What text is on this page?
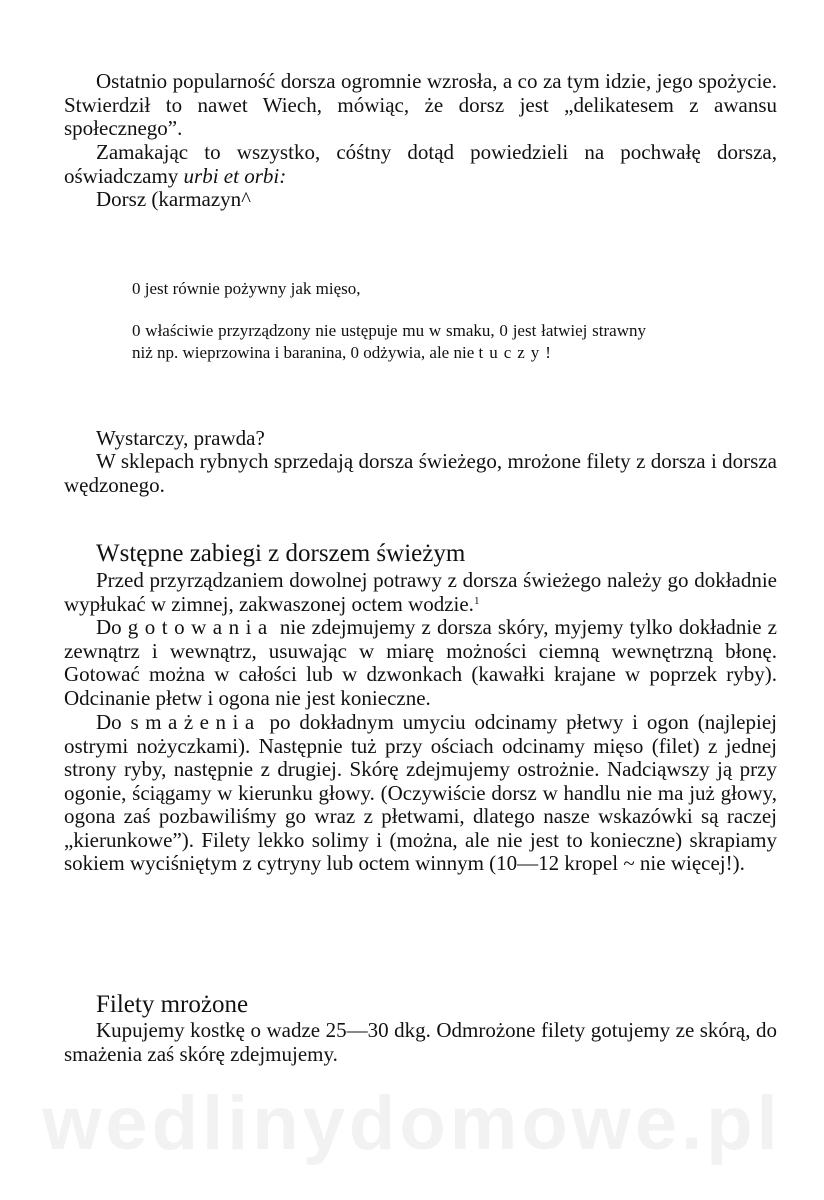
Ostatnio popularność dorsza ogromnie wzrosła, a co za tym idzie, jego spożycie. Stwierdził to nawet Wiech, mówiąc, że dorsz jest „delikatesem z awansu społecznego”.

Zamakając to wszystko, cóśtny dotąd powiedzieli na pochwałę dorsza, oświadczamy urbi et orbi:

Dorsz (karmazyn^

0 jest równie pożywny jak mięso,

0 właściwie przyrządzony nie ustępuje mu w smaku, 0 jest łatwiej strawny niż np. wieprzowina i baranina, 0 odżywia, ale nie tuczy!

Wystarczy, prawda?

W sklepach rybnych sprzedają dorsza świeżego, mrożone filety z dorsza i dorsza wędzonego.

Wstępne zabiegi z dorszem świeżym

Przed przyrządzaniem dowolnej potrawy z dorsza świeżego należy go dokładnie wypłukać w zimnej, zakwaszonej octem wodzie.$^1$

Do gotowania nie zdejmujemy z dorsza skóry, myjemy tylko dokładnie z zewnątrz i wewnątrz, usuwając w miarę możności ciemną wewnętrzną błonę. Gotować można w całości lub w dzwonkach (kawałki krajane w poprzek ryby). Odcinanie płetw i ogona nie jest konieczne.

Do smażenia po dokładnym umyciu odcinamy płetwy i ogon (najlepiej ostrymi nożyczkami). Następnie tuż przy ościach odcinamy mięso (filet) z jednej strony ryby, następnie z drugiej. Skórę zdejmujemy ostrożnie. Nadciąwszy ją przy ogonie, ściągamy w kierunku głowy. (Oczywiście dorsz w handlu nie ma już głowy, ogona zaś pozbawiliśmy go wraz z płetwami, dlatego nasze wskazówki są raczej „kierunkowe”). Filety lekko solimy i (można, ale nie jest to konieczne) skrapiamy sokiem wyciśniętym z cytryny lub octem winnym (10—12 kropel ~ nie więcej!).

Filety mrożone

Kupujemy kostkę o wadze 25—30 dkg. Odmrożone filety gotujemy ze skórą, do smażenia zaś skórę zdejmujemy.

wedlinydomowe.pl
